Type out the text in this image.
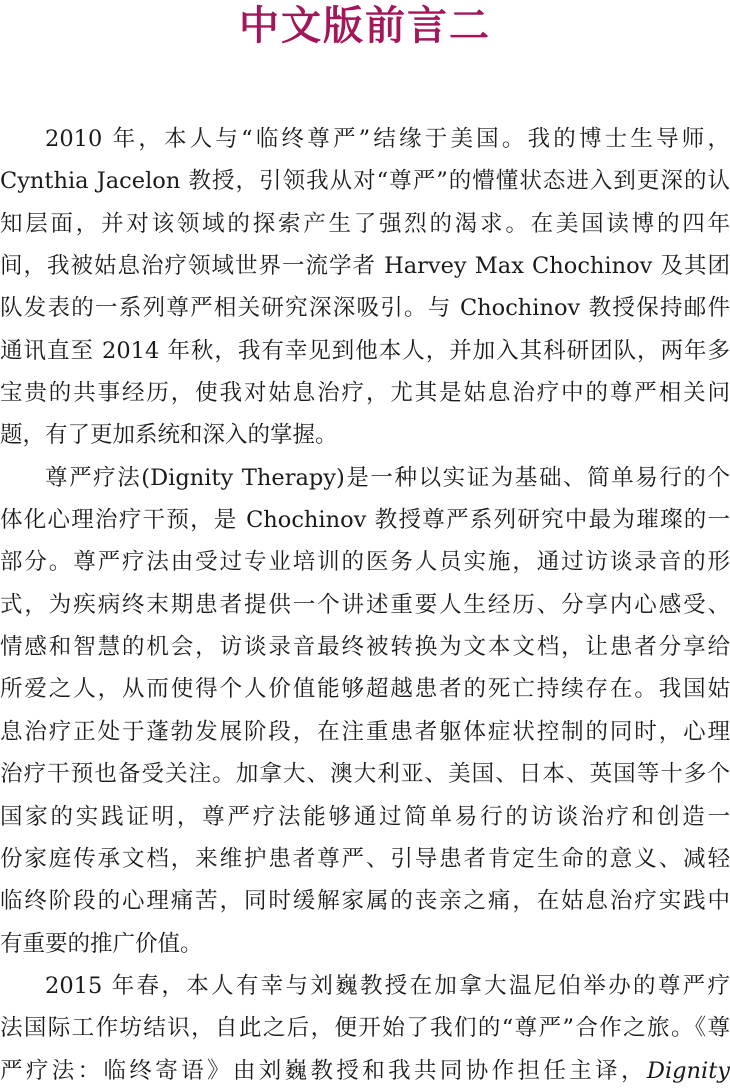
中文版前言二
2010 年，本人与“临终尊严”结缘于美国。我的博士生导师，
Cynthia Jacelon 教授，引领我从对“尊严”的懵懂状态进入到更深的认
知层面，并对该领域的探索产生了强烈的渴求。在美国读博的四年
间，我被姑息治疗领域世界一流学者 Harvey Max Chochinov 及其团
队发表的一系列尊严相关研究深深吸引。与 Chochinov 教授保持邮件
通讯直至 2014 年秋，我有幸见到他本人，并加入其科研团队，两年多
宝贵的共事经历，使我对姑息治疗，尤其是姑息治疗中的尊严相关问
题，有了更加系统和深入的掌握。
尊严疗法(Dignity Therapy)是一种以实证为基础、简单易行的个
体化心理治疗干预，是 Chochinov 教授尊严系列研究中最为璀璨的一
部分。尊严疗法由受过专业培训的医务人员实施，通过访谈录音的形
式，为疾病终末期患者提供一个讲述重要人生经历、分享内心感受、
情感和智慧的机会，访谈录音最终被转换为文本文档，让患者分享给
所爱之人，从而使得个人价值能够超越患者的死亡持续存在。我国姑
息治疗正处于蓬勃发展阶段，在注重患者躯体症状控制的同时，心理
治疗干预也备受关注。加拿大、澳大利亚、美国、日本、英国等十多个
国家的实践证明，尊严疗法能够通过简单易行的访谈治疗和创造一
份家庭传承文档，来维护患者尊严、引导患者肯定生命的意义、减轻
临终阶段的心理痛苦，同时缓解家属的丧亲之痛，在姑息治疗实践中
有重要的推广价值。
2015 年春，本人有幸与刘巍教授在加拿大温尼伯举办的尊严疗
法国际工作坊结识，自此之后，便开始了我们的“尊严”合作之旅。《尊
严疗法：临终寄语》由刘巍教授和我共同协作担任主译，Dignity
